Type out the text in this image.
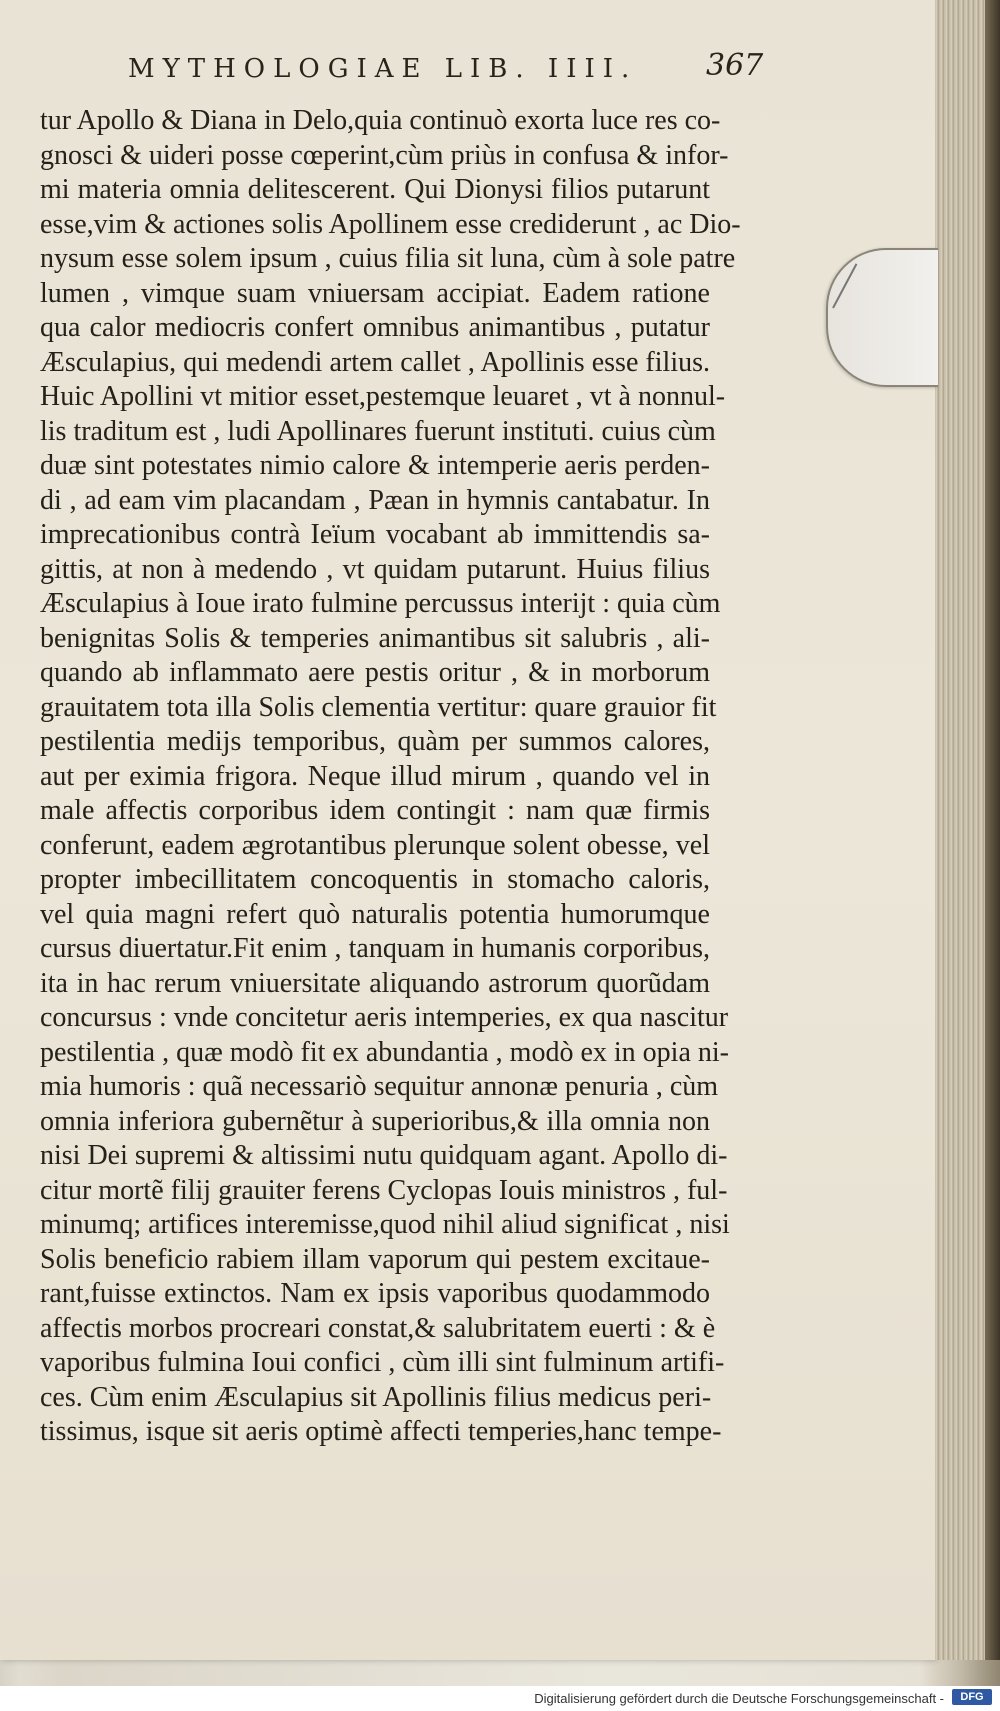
MYTHOLOGIAE LIB. IIII.	367
tur Apollo & Diana in Delo,quia continuò exorta luce res co-
gnosci & uideri posse cœperint,cùm priùs in confusa & infor-
mi materia omnia delitescerent. Qui Dionysi filios putarunt
esse,vim & actiones solis Apollinem esse crediderunt , ac Dio-
nysum esse solem ipsum , cuius filia sit luna, cùm à sole patre
lumen , vimque suam vniuersam accipiat. Eadem ratione
qua calor mediocris confert omnibus animantibus , putatur
Æsculapius, qui medendi artem callet , Apollinis esse filius.
Huic Apollini vt mitior esset,pestemque leuaret , vt à nonnul-
lis traditum est , ludi Apollinares fuerunt instituti. cuius cùm
duæ sint potestates nimio calore & intemperie aeris perden-
di , ad eam vim placandam , Pæan in hymnis cantabatur. In
imprecationibus contrà Ieïum vocabant ab immittendis sa-
gittis, at non à medendo , vt quidam putarunt. Huius filius
Æsculapius à Ioue irato fulmine percussus interijt : quia cùm
benignitas Solis & temperies animantibus sit salubris , ali-
quando ab inflammato aere pestis oritur , & in morborum
grauitatem tota illa Solis clementia vertitur: quare grauior fit
pestilentia medijs temporibus, quàm per summos calores,
aut per eximia frigora. Neque illud mirum , quando vel in
male affectis corporibus idem contingit : nam quæ firmis
conferunt, eadem ægrotantibus plerunque solent obesse, vel
propter imbecillitatem concoquentis in stomacho caloris,
vel quia magni refert quò naturalis potentia humorumque
cursus diuertatur.Fit enim , tanquam in humanis corporibus,
ita in hac rerum vniuersitate aliquando astrorum quorũdam
concursus : vnde concitetur aeris intemperies, ex qua nascitur
pestilentia , quæ modò fit ex abundantia , modò ex in opia ni-
mia humoris : quã necessariò sequitur annonæ penuria , cùm
omnia inferiora gubernẽtur à superioribus,& illa omnia non
nisi Dei supremi & altissimi nutu quidquam agant. Apollo di-
citur mortẽ filij grauiter ferens Cyclopas Iouis ministros , ful-
minumq; artifices interemisse,quod nihil aliud significat , nisi
Solis beneficio rabiem illam vaporum qui pestem excitaue-
rant,fuisse extinctos. Nam ex ipsis vaporibus quodammodo
affectis morbos procreari constat,& salubritatem euerti : & è
vaporibus fulmina Ioui confici , cùm illi sint fulminum artifi-
ces. Cùm enim Æsculapius sit Apollinis filius medicus peri-
tissimus, isque sit aeris optimè affecti temperies,hanc tempe-
Digitalisierung gefördert durch die Deutsche Forschungsgemeinschaft -	DFG
